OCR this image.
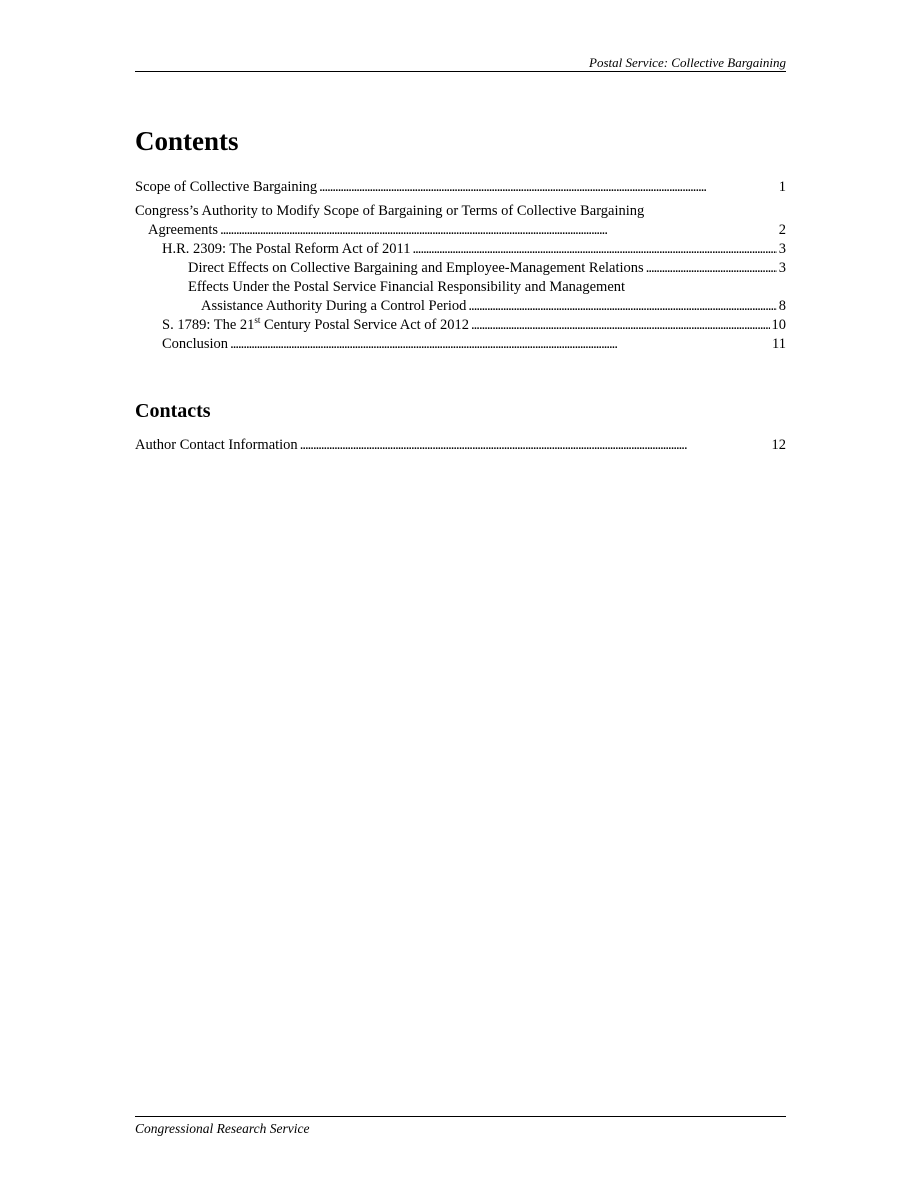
Postal Service: Collective Bargaining
Contents
Scope of Collective Bargaining . . .	1
Congress’s Authority to Modify Scope of Bargaining or Terms of Collective Bargaining
Agreements . . .	2
H.R. 2309: The Postal Reform Act of 2011 . . .	3
Direct Effects on Collective Bargaining and Employee-Management Relations . . .	3
Effects Under the Postal Service Financial Responsibility and Management
Assistance Authority During a Control Period . . .	8
S. 1789: The 21st Century Postal Service Act of 2012 . . .	10
Conclusion . . .	11
Contacts
Author Contact Information . . .	12
Congressional Research Service
